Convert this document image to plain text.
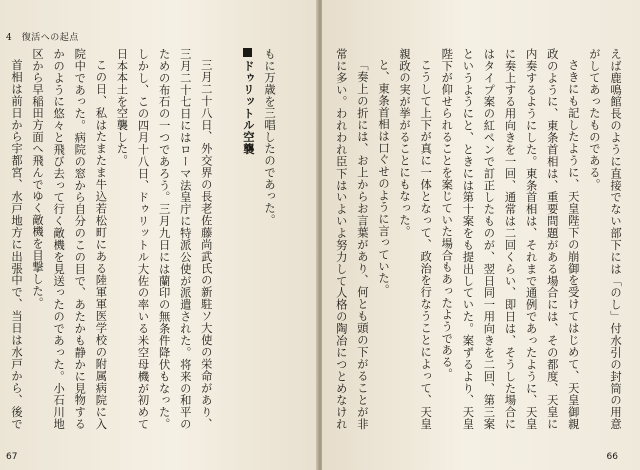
4　復活への起点

もに万歳を三唱したのであった。

ドゥリットル空襲

三月二十八日、外交界の長老佐藤尚武氏の新駐ソ大使の栄命があり、三月二十七日にはローマ法皇庁に特派公使が派遣された。将来の和平のための布石の一つであろう。三月九日には蘭印の無条件降伏もなった。しかし、この四月十八日、ドゥリットル大佐の率いる米空母機が初めて日本本土を空襲した。

この日、私はたまたま牛込若松町にある陸軍軍医学校の附属病院に入院中であった。病院の窓から自分のこの目で、あたかも静かに見物するかのように悠々と飛び去って行く敵機を見送ったのであった。小石川地区から早稲田方面へ飛んでゆく敵機を目撃した。

首相は前日から宇都宮、水戸地方に出張中で、当日は水戸から、後で

67

えば鹿鳴館長のように直接でない部下には「のし」付水引の封筒の用意がしてあったものである。

さきにも記したように、天皇陛下の崩御を受けてはじめて、天皇御親政のように、東条首相は、重要問題がある場合には、その都度、天皇に内奏するようにした。東条首相は、それまで通例であったように、天皇に奏上する用向きを一回、通常は二回くらい、即日は、そうした場合にはタイプ案の紅ペンで訂正したものが、翌日同一用向きを二回、第三案というようにと、ときには第十案をも提出していた。案ずるより、天皇陛下が仰せられることを案じていた場合もあったようである。

こうして上下が真に一体となって、政治を行なうことによって、天皇親政の実が挙がることにもなった。

と、東条首相は口ぐせのように言っていた。

「奏上の折には、お上からお言葉があり、何とも頭の下がることが非常に多い。われわれ臣下はいよいよ努力して人格の陶冶につとめなけれ

66
